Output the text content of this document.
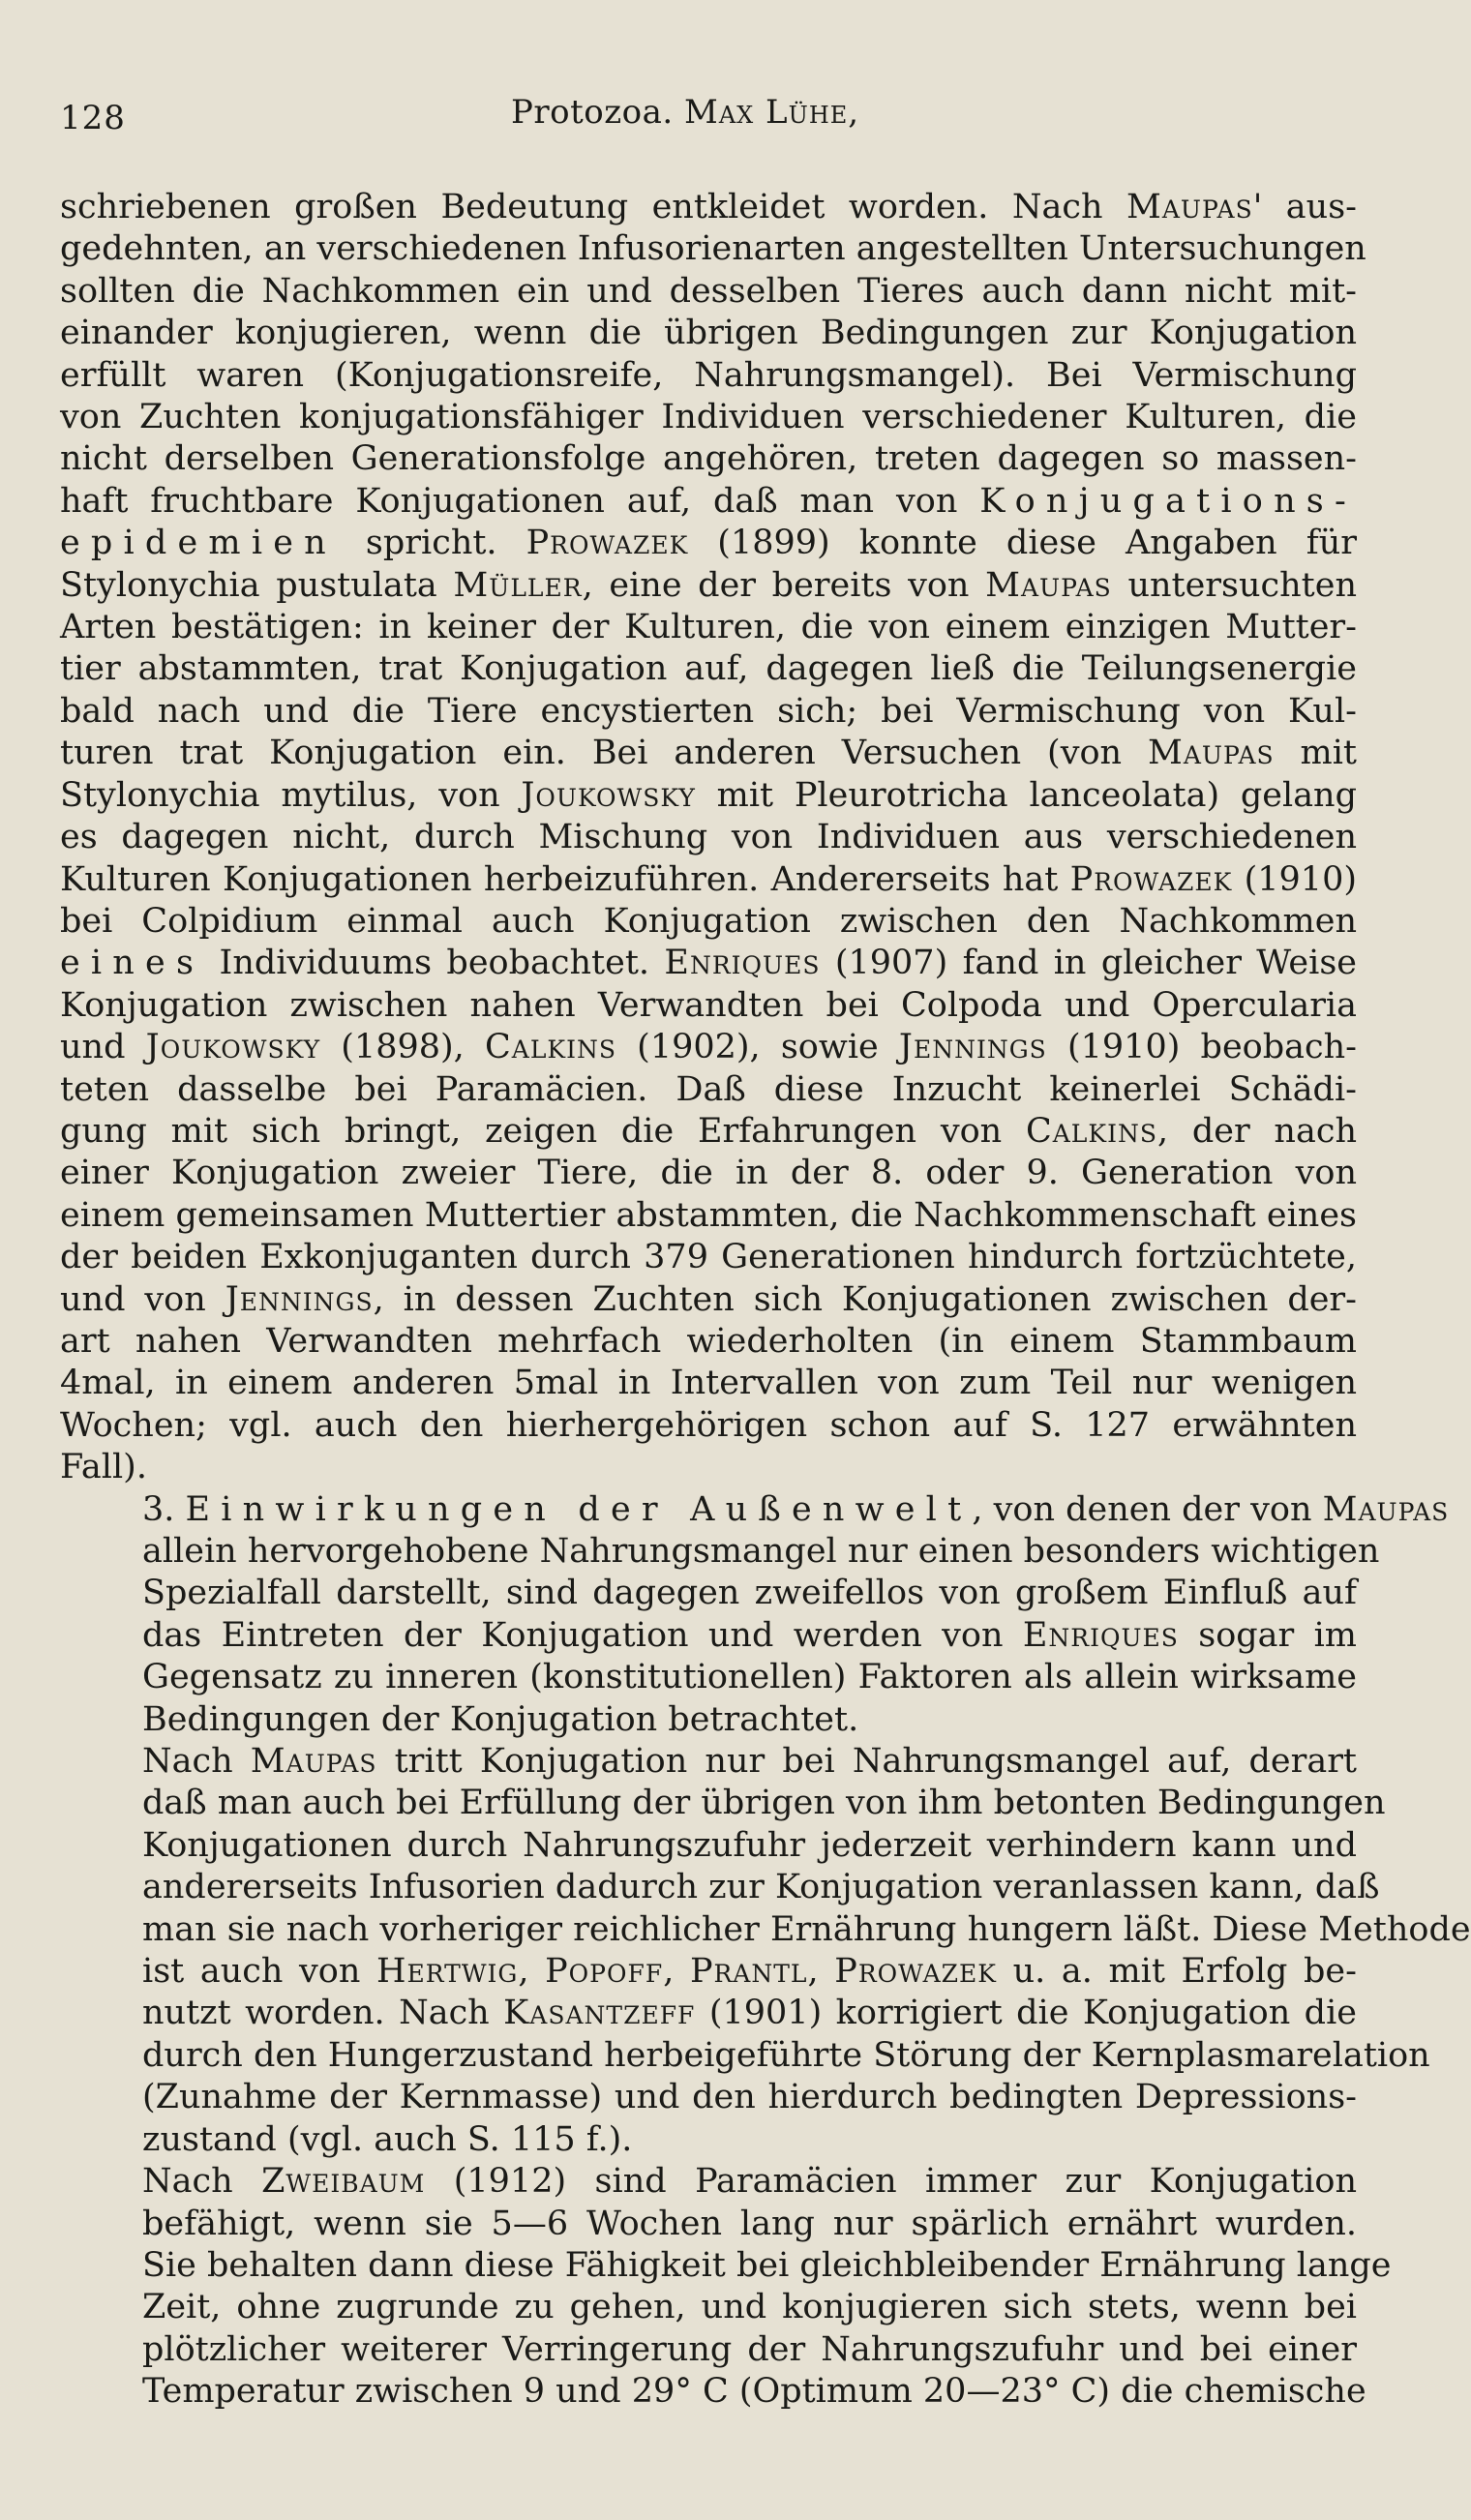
128	Protozoa. Max Lühe,

schriebenen großen Bedeutung entkleidet worden. Nach Maupas' aus-
gedehnten, an verschiedenen Infusorienarten angestellten Untersuchungen
sollten die Nachkommen ein und desselben Tieres auch dann nicht mit-
einander konjugieren, wenn die übrigen Bedingungen zur Konjugation
erfüllt waren (Konjugationsreife, Nahrungsmangel). Bei Vermischung
von Zuchten konjugationsfähiger Individuen verschiedener Kulturen, die
nicht derselben Generationsfolge angehören, treten dagegen so massen-
haft fruchtbare Konjugationen auf, daß man von Konjugations-
epidemien spricht. Prowazek (1899) konnte diese Angaben für
Stylonychia pustulata Müller, eine der bereits von Maupas untersuchten
Arten bestätigen: in keiner der Kulturen, die von einem einzigen Mutter-
tier abstammten, trat Konjugation auf, dagegen ließ die Teilungsenergie
bald nach und die Tiere encystierten sich; bei Vermischung von Kul-
turen trat Konjugation ein. Bei anderen Versuchen (von Maupas mit
Stylonychia mytilus, von Joukowsky mit Pleurotricha lanceolata) gelang
es dagegen nicht, durch Mischung von Individuen aus verschiedenen
Kulturen Konjugationen herbeizuführen. Andererseits hat Prowazek (1910)
bei Colpidium einmal auch Konjugation zwischen den Nachkommen
eines Individuums beobachtet. Enriques (1907) fand in gleicher Weise
Konjugation zwischen nahen Verwandten bei Colpoda und Opercularia
und Joukowsky (1898), Calkins (1902), sowie Jennings (1910) beobach-
teten dasselbe bei Paramäcien. Daß diese Inzucht keinerlei Schädi-
gung mit sich bringt, zeigen die Erfahrungen von Calkins, der nach
einer Konjugation zweier Tiere, die in der 8. oder 9. Generation von
einem gemeinsamen Muttertier abstammten, die Nachkommenschaft eines
der beiden Exkonjuganten durch 379 Generationen hindurch fortzüchtete,
und von Jennings, in dessen Zuchten sich Konjugationen zwischen der-
art nahen Verwandten mehrfach wiederholten (in einem Stammbaum
4mal, in einem anderen 5mal in Intervallen von zum Teil nur wenigen
Wochen; vgl. auch den hierhergehörigen schon auf S. 127 erwähnten
Fall).

3. Einwirkungen der Außenwelt, von denen der von Maupas
allein hervorgehobene Nahrungsmangel nur einen besonders wichtigen
Spezialfall darstellt, sind dagegen zweifellos von großem Einfluß auf
das Eintreten der Konjugation und werden von Enriques sogar im
Gegensatz zu inneren (konstitutionellen) Faktoren als allein wirksame
Bedingungen der Konjugation betrachtet.

Nach Maupas tritt Konjugation nur bei Nahrungsmangel auf, derart
daß man auch bei Erfüllung der übrigen von ihm betonten Bedingungen
Konjugationen durch Nahrungszufuhr jederzeit verhindern kann und
andererseits Infusorien dadurch zur Konjugation veranlassen kann, daß
man sie nach vorheriger reichlicher Ernährung hungern läßt. Diese Methode
ist auch von Hertwig, Popoff, Prantl, Prowazek u. a. mit Erfolg be-
nutzt worden. Nach Kasantzeff (1901) korrigiert die Konjugation die
durch den Hungerzustand herbeigeführte Störung der Kernplasmarelation
(Zunahme der Kernmasse) und den hierdurch bedingten Depressions-
zustand (vgl. auch S. 115 f.).

Nach Zweibaum (1912) sind Paramäcien immer zur Konjugation
befähigt, wenn sie 5—6 Wochen lang nur spärlich ernährt wurden.
Sie behalten dann diese Fähigkeit bei gleichbleibender Ernährung lange
Zeit, ohne zugrunde zu gehen, und konjugieren sich stets, wenn bei
plötzlicher weiterer Verringerung der Nahrungszufuhr und bei einer
Temperatur zwischen 9 und 29° C (Optimum 20—23° C) die chemische
